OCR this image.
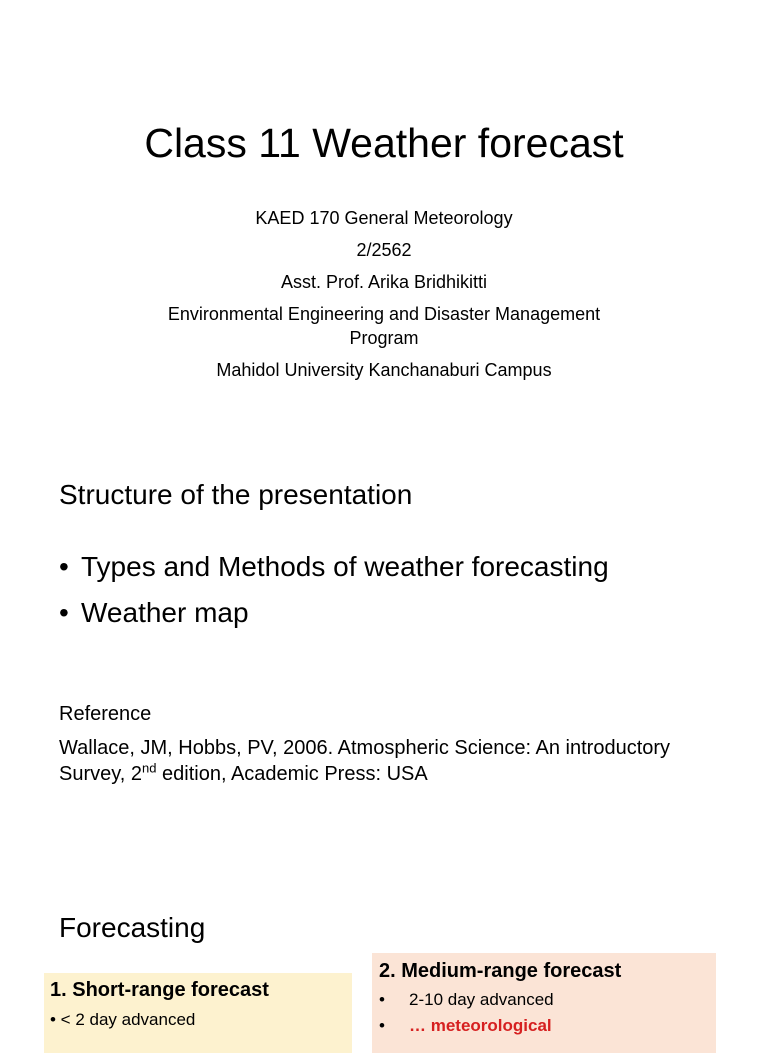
Class 11 Weather forecast
KAED 170 General Meteorology
2/2562
Asst. Prof. Arika Bridhikitti
Environmental Engineering and Disaster Management
Program
Mahidol University Kanchanaburi Campus
Structure of the presentation
• Types and Methods of weather forecasting
• Weather map
Reference
Wallace, JM, Hobbs, PV, 2006. Atmospheric Science: An introductory Survey, 2nd edition, Academic Press: USA
Forecasting
1. Short-range forecast
• < 2 day advanced
2. Medium-range forecast
• 2-10 day advanced
• … meteorological
